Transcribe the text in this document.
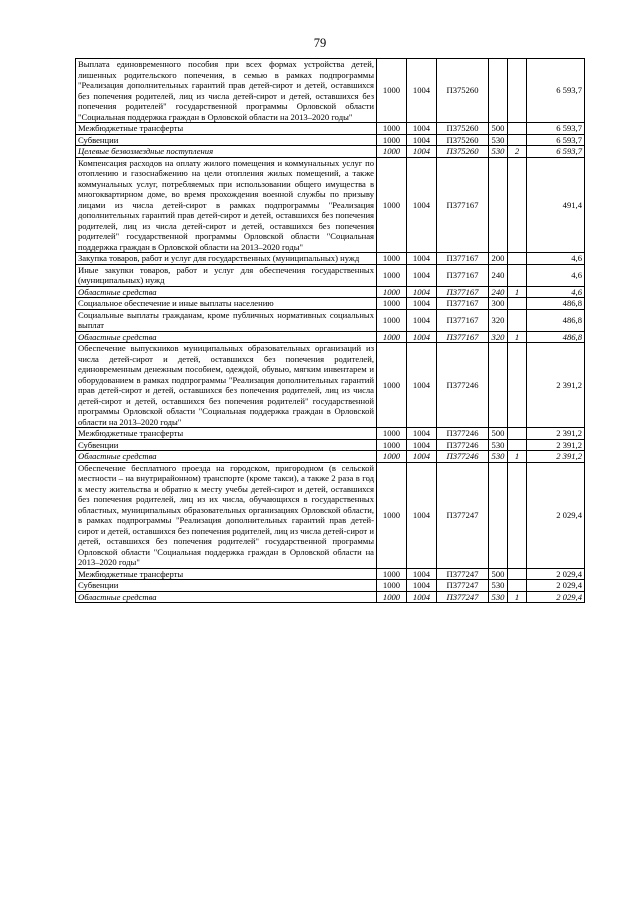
79
Выплата единовременного пособия при всех формах устройства детей, лишенных родительского попечения, в семью в рамках подпрограммы "Реализация дополнительных гарантий прав детей-сирот и детей, оставшихся без попечения родителей, лиц из числа детей-сирот и детей, оставшихся без попечения родителей" государственной программы Орловской области "Социальная поддержка граждан в Орловской области на 2013–2020 годы"	1000	1004	П375260			6 593,7
Межбюджетные трансферты	1000	1004	П375260	500		6 593,7
Субвенции	1000	1004	П375260	530		6 593,7
Целевые безвозмездные поступления	1000	1004	П375260	530	2	6 593,7
Компенсация расходов на оплату жилого помещения и коммунальных услуг по отоплению и газоснабжению на цели отопления жилых помещений, а также коммунальных услуг, потребляемых при использовании общего имущества в многоквартирном доме, во время прохождения военной службы по призыву лицами из числа детей-сирот в рамках подпрограммы "Реализация дополнительных гарантий прав детей-сирот и детей, оставшихся без попечения родителей, лиц из числа детей-сирот и детей, оставшихся без попечения родителей" государственной программы Орловской области "Социальная поддержка граждан в Орловской области на 2013–2020 годы"	1000	1004	П377167			491,4
Закупка товаров, работ и услуг для государственных (муниципальных) нужд	1000	1004	П377167	200		4,6
Иные закупки товаров, работ и услуг для обеспечения государственных (муниципальных) нужд	1000	1004	П377167	240		4,6
Областные средства	1000	1004	П377167	240	1	4,6
Социальное обеспечение и иные выплаты населению	1000	1004	П377167	300		486,8
Социальные выплаты гражданам, кроме публичных нормативных социальных выплат	1000	1004	П377167	320		486,8
Областные средства	1000	1004	П377167	320	1	486,8
Обеспечение выпускников муниципальных образовательных организаций из числа детей-сирот и детей, оставшихся без попечения родителей, единовременным денежным пособием, одеждой, обувью, мягким инвентарем и оборудованием в рамках подпрограммы "Реализация дополнительных гарантий прав детей-сирот и детей, оставшихся без попечения родителей, лиц из числа детей-сирот и детей, оставшихся без попечения родителей" государственной программы Орловской области "Социальная поддержка граждан в Орловской области на 2013–2020 годы"	1000	1004	П377246			2 391,2
Межбюджетные трансферты	1000	1004	П377246	500		2 391,2
Субвенции	1000	1004	П377246	530		2 391,2
Областные средства	1000	1004	П377246	530	1	2 391,2
Обеспечение бесплатного проезда на городском, пригородном (в сельской местности – на внутрирайонном) транспорте (кроме такси), а также 2 раза в год к месту жительства и обратно к месту учебы детей-сирот и детей, оставшихся без попечения родителей, лиц из их числа, обучающихся в государственных областных, муниципальных образовательных организациях Орловской области, в рамках подпрограммы "Реализация дополнительных гарантий прав детей-сирот и детей, оставшихся без попечения родителей, лиц из числа детей-сирот и детей, оставшихся без попечения родителей" государственной программы Орловской области "Социальная поддержка граждан в Орловской области на 2013–2020 годы"	1000	1004	П377247			2 029,4
Межбюджетные трансферты	1000	1004	П377247	500		2 029,4
Субвенции	1000	1004	П377247	530		2 029,4
Областные средства	1000	1004	П377247	530	1	2 029,4
